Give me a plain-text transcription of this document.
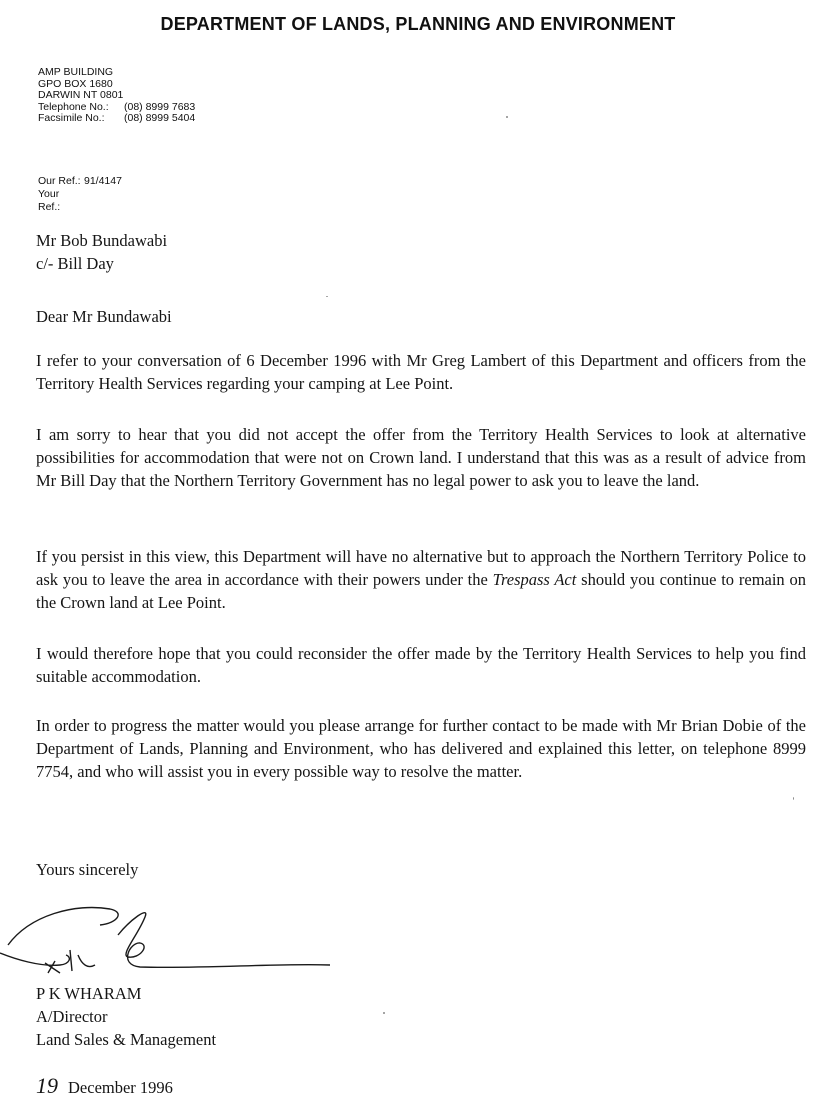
DEPARTMENT OF LANDS, PLANNING AND ENVIRONMENT
AMP BUILDING
GPO BOX 1680
DARWIN NT 0801
Telephone No.: (08) 8999 7683
Facsimile No.: (08) 8999 5404
Our Ref.: 91/4147
Your Ref.:

Mr Bob Bundawabi

c/- Bill Day

Dear Mr Bundawabi
I refer to your conversation of 6 December 1996 with Mr Greg Lambert of this Department and officers from the Territory Health Services regarding your camping at Lee Point.
I am sorry to hear that you did not accept the offer from the Territory Health Services to look at alternative possibilities for accommodation that were not on Crown land. I understand that this was as a result of advice from Mr Bill Day that the Northern Territory Government has no legal power to ask you to leave the land.
If you persist in this view, this Department will have no alternative but to approach the Northern Territory Police to ask you to leave the area in accordance with their powers under the Trespass Act should you continue to remain on the Crown land at Lee Point.
I would therefore hope that you could reconsider the offer made by the Territory Health Services to help you find suitable accommodation.
In order to progress the matter would you please arrange for further contact to be made with Mr Brian Dobie of the Department of Lands, Planning and Environment, who has delivered and explained this letter, on telephone 8999 7754, and who will assist you in every possible way to resolve the matter.
Yours sincerely

P K WHARAM

A/Director

Land Sales & Management

19 December 1996
